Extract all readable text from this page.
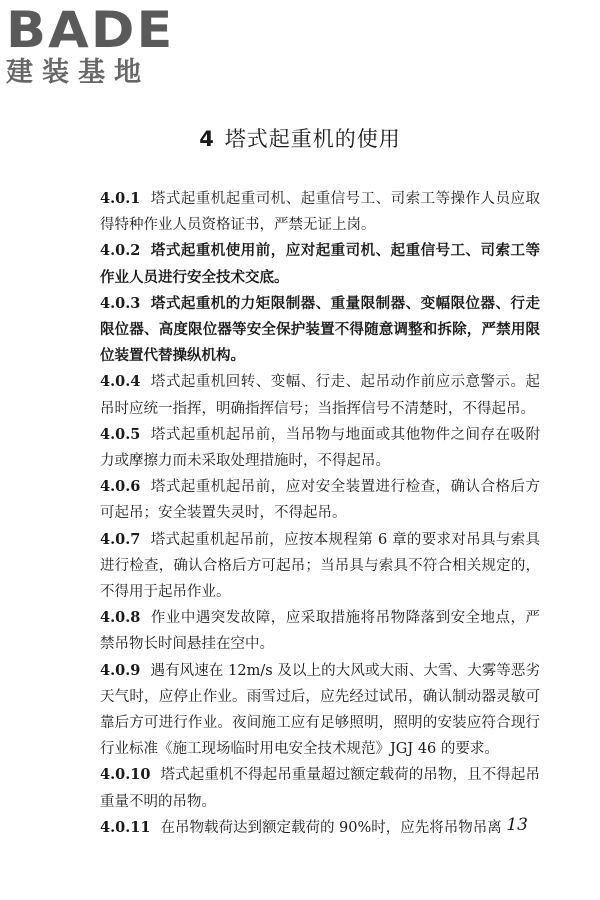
BADE
建装基地
4 塔式起重机的使用

4.0.1 塔式起重机起重司机、起重信号工、司索工等操作人员应取得特种作业人员资格证书，严禁无证上岗。

4.0.2 塔式起重机使用前，应对起重司机、起重信号工、司索工等作业人员进行安全技术交底。

4.0.3 塔式起重机的力矩限制器、重量限制器、变幅限位器、行走限位器、高度限位器等安全保护装置不得随意调整和拆除，严禁用限位装置代替操纵机构。

4.0.4 塔式起重机回转、变幅、行走、起吊动作前应示意警示。起吊时应统一指挥，明确指挥信号；当指挥信号不清楚时，不得起吊。

4.0.5 塔式起重机起吊前，当吊物与地面或其他物件之间存在吸附力或摩擦力而未采取处理措施时，不得起吊。

4.0.6 塔式起重机起吊前，应对安全装置进行检查，确认合格后方可起吊；安全装置失灵时，不得起吊。

4.0.7 塔式起重机起吊前，应按本规程第 6 章的要求对吊具与索具进行检查，确认合格后方可起吊；当吊具与索具不符合相关规定的，不得用于起吊作业。

4.0.8 作业中遇突发故障，应采取措施将吊物降落到安全地点，严禁吊物长时间悬挂在空中。

4.0.9 遇有风速在 12m/s 及以上的大风或大雨、大雪、大雾等恶劣天气时，应停止作业。雨雪过后，应先经过试吊，确认制动器灵敏可靠后方可进行作业。夜间施工应有足够照明，照明的安装应符合现行行业标准《施工现场临时用电安全技术规范》JGJ 46 的要求。

4.0.10 塔式起重机不得起吊重量超过额定载荷的吊物，且不得起吊重量不明的吊物。

4.0.11 在吊物载荷达到额定载荷的 90%时，应先将吊物吊离 13
